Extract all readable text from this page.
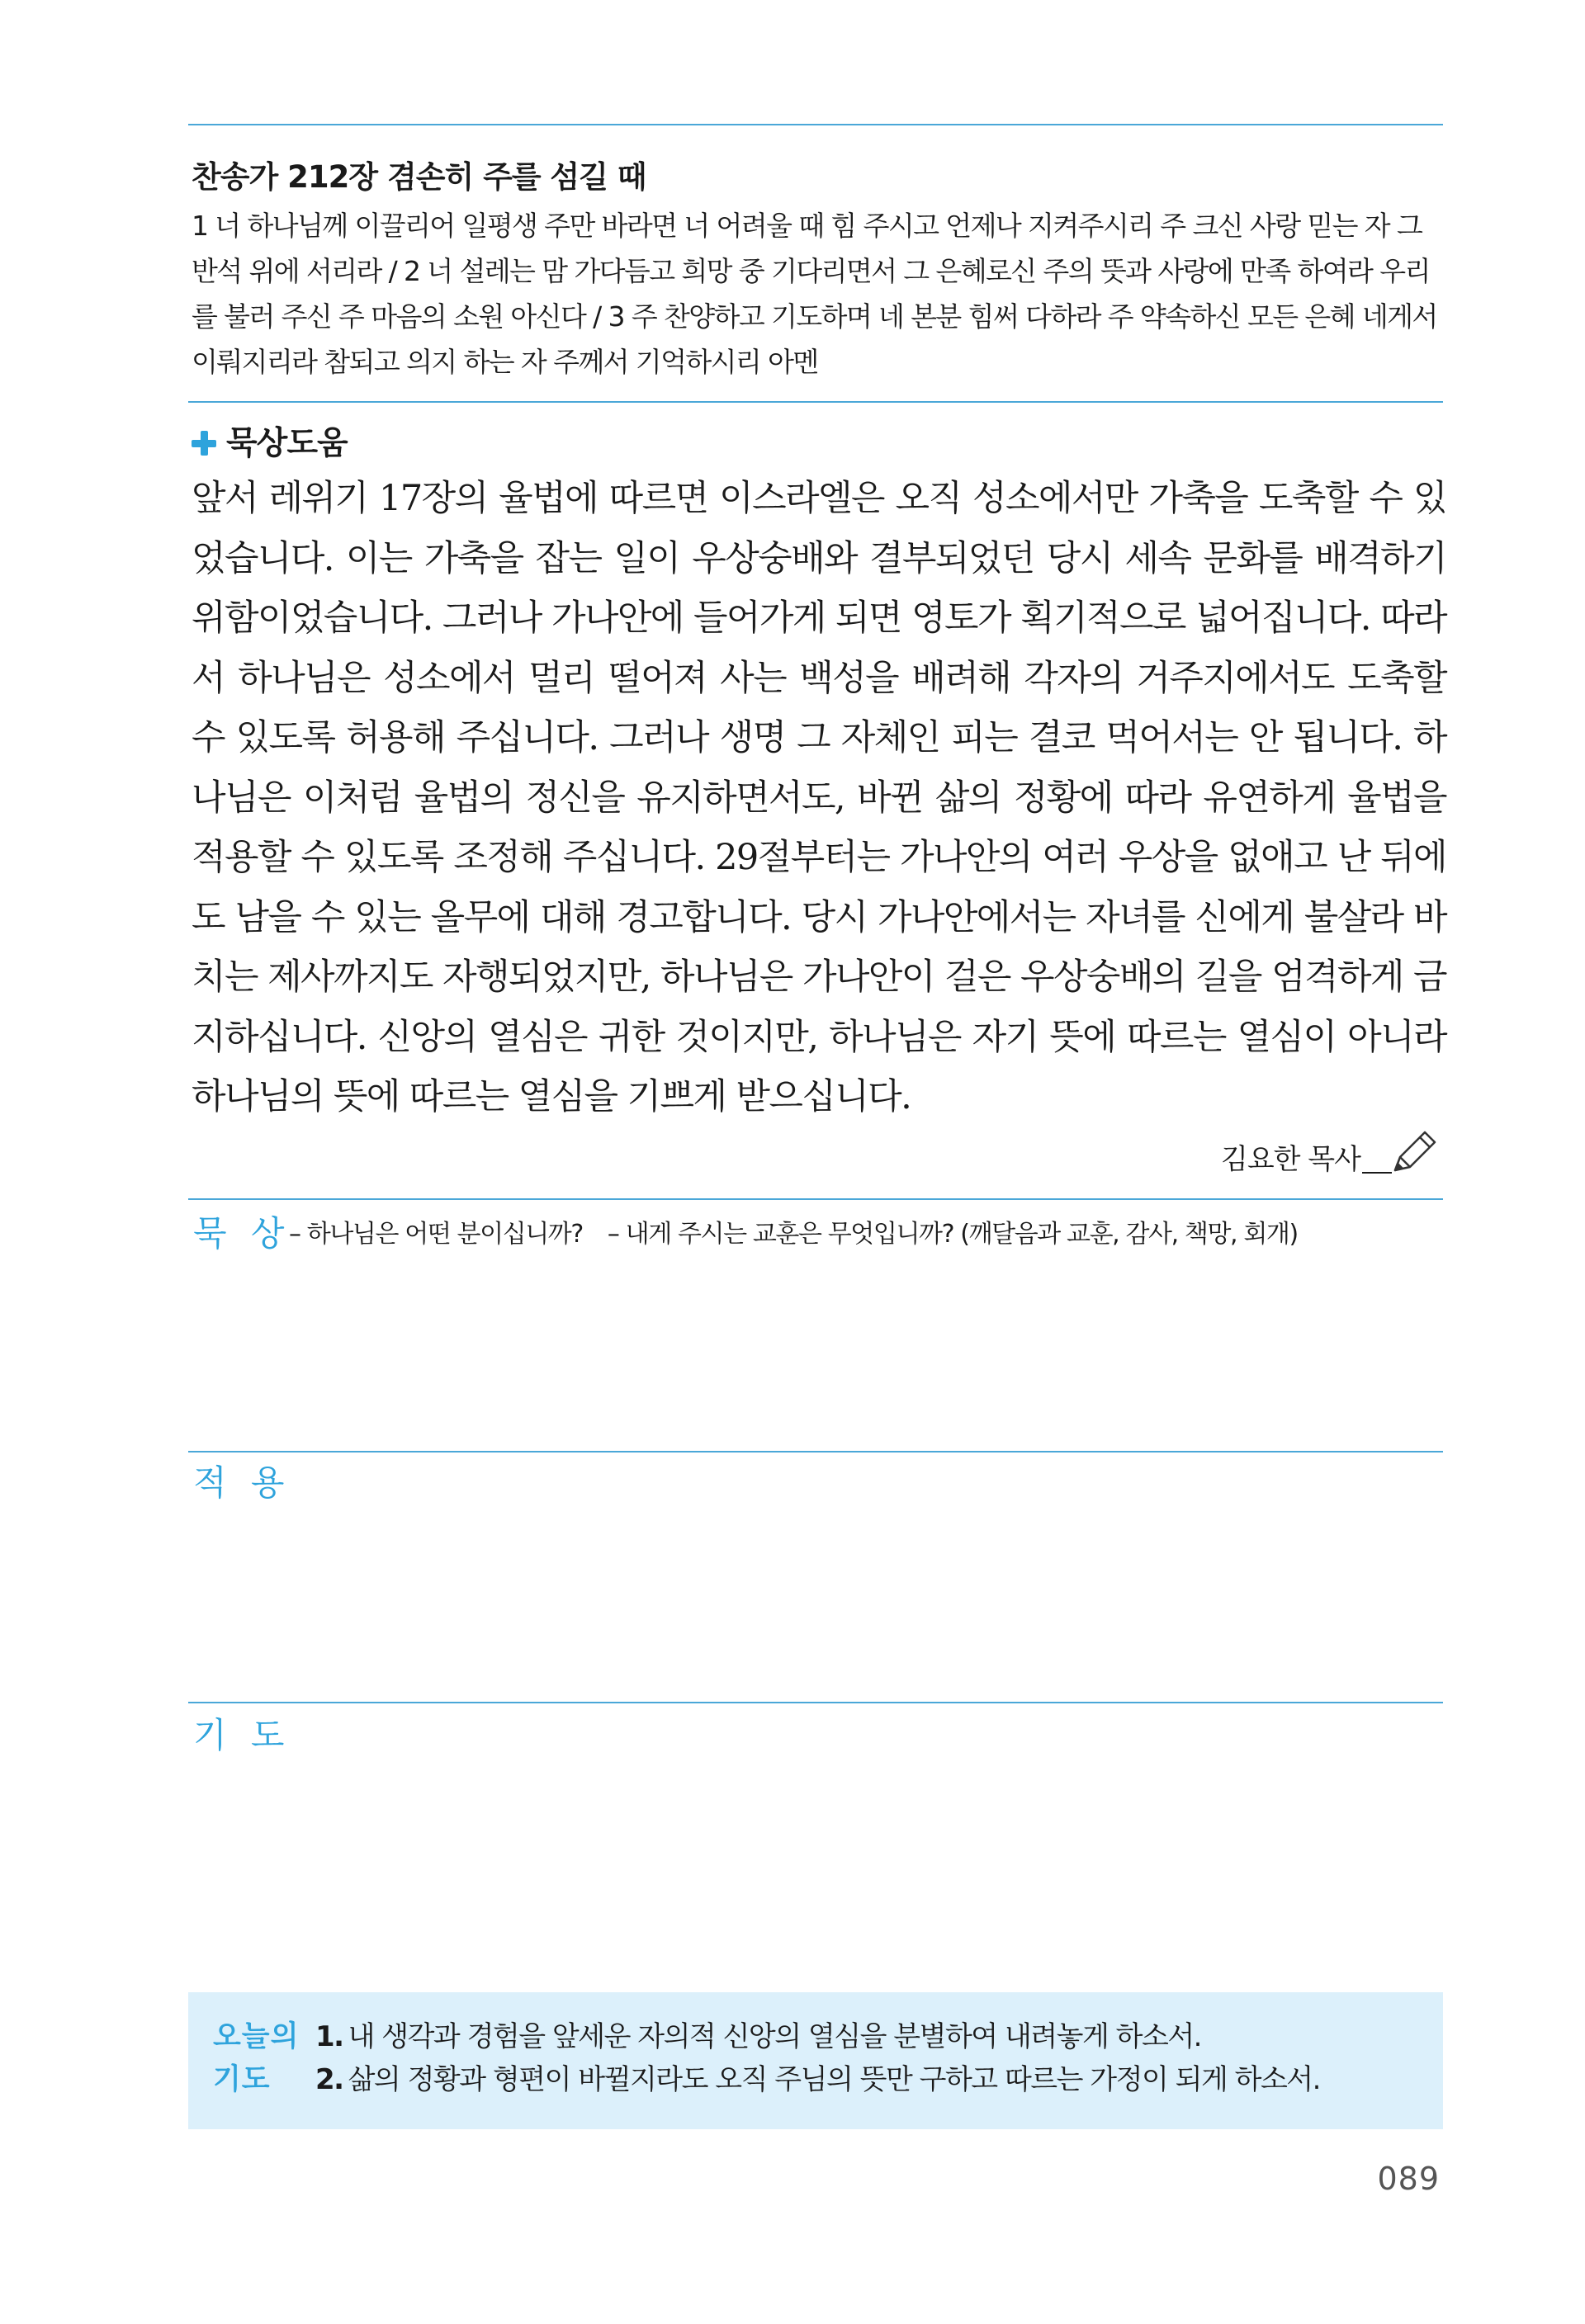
찬송가 212장 겸손히 주를 섬길 때
1 너 하나님께 이끌리어 일평생 주만 바라면 너 어려울 때 힘 주시고 언제나 지켜주시리 주 크신 사랑 믿는 자 그 반석 위에 서리라 / 2 너 설레는 맘 가다듬고 희망 중 기다리면서 그 은혜로신 주의 뜻과 사랑에 만족 하여라 우리를 불러 주신 주 마음의 소원 아신다 / 3 주 찬양하고 기도하며 네 본분 힘써 다하라 주 약속하신 모든 은혜 네게서 이뤄지리라 참되고 의지 하는 자 주께서 기억하시리 아멘
묵상도움
앞서 레위기 17장의 율법에 따르면 이스라엘은 오직 성소에서만 가축을 도축할 수 있었습니다. 이는 가축을 잡는 일이 우상숭배와 결부되었던 당시 세속 문화를 배격하기 위함이었습니다. 그러나 가나안에 들어가게 되면 영토가 획기적으로 넓어집니다. 따라서 하나님은 성소에서 멀리 떨어져 사는 백성을 배려해 각자의 거주지에서도 도축할 수 있도록 허용해 주십니다. 그러나 생명 그 자체인 피는 결코 먹어서는 안 됩니다. 하나님은 이처럼 율법의 정신을 유지하면서도, 바뀐 삶의 정황에 따라 유연하게 율법을 적용할 수 있도록 조정해 주십니다. 29절부터는 가나안의 여러 우상을 없애고 난 뒤에도 남을 수 있는 올무에 대해 경고합니다. 당시 가나안에서는 자녀를 신에게 불살라 바치는 제사까지도 자행되었지만, 하나님은 가나안이 걸은 우상숭배의 길을 엄격하게 금지하십니다. 신앙의 열심은 귀한 것이지만, 하나님은 자기 뜻에 따르는 열심이 아니라 하나님의 뜻에 따르는 열심을 기쁘게 받으십니다.
김요한 목사
묵 상
– 하나님은 어떤 분이십니까? – 내게 주시는 교훈은 무엇입니까? (깨달음과 교훈, 감사, 책망, 회개)
적 용
기 도
오늘의
기도
1. 내 생각과 경험을 앞세운 자의적 신앙의 열심을 분별하여 내려놓게 하소서.
2. 삶의 정황과 형편이 바뀔지라도 오직 주님의 뜻만 구하고 따르는 가정이 되게 하소서.
089
